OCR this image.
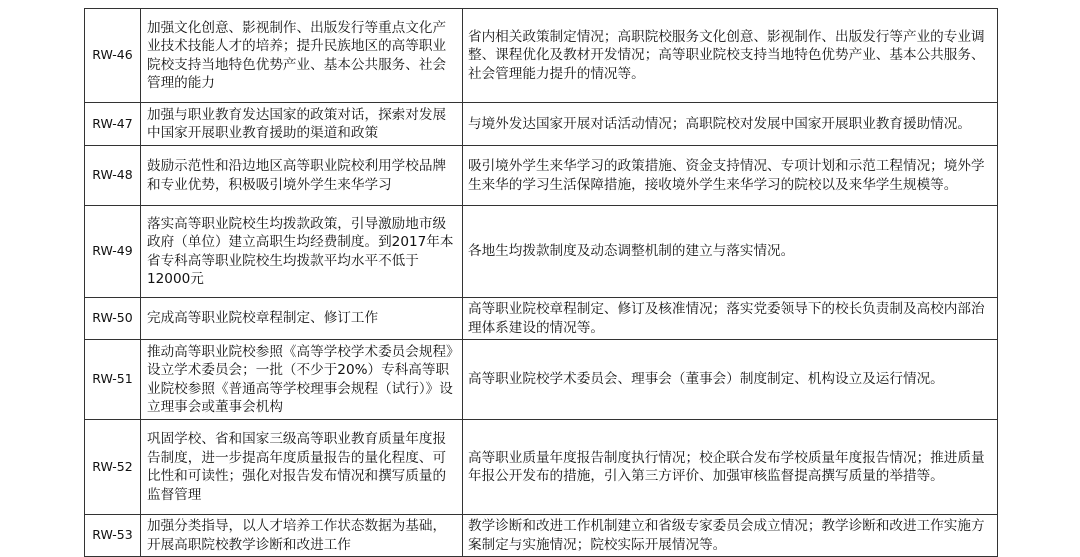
RW-46	加强文化创意、影视制作、出版发行等重点文化产业技术技能人才的培养；提升民族地区的高等职业院校支持当地特色优势产业、基本公共服务、社会管理的能力	省内相关政策制定情况；高职院校服务文化创意、影视制作、出版发行等产业的专业调整、课程优化及教材开发情况；高等职业院校支持当地特色优势产业、基本公共服务、社会管理能力提升的情况等。
RW-47	加强与职业教育发达国家的政策对话，探索对发展中国家开展职业教育援助的渠道和政策	与境外发达国家开展对话活动情况；高职院校对发展中国家开展职业教育援助情况。
RW-48	鼓励示范性和沿边地区高等职业院校利用学校品牌和专业优势，积极吸引境外学生来华学习	吸引境外学生来华学习的政策措施、资金支持情况、专项计划和示范工程情况；境外学生来华的学习生活保障措施，接收境外学生来华学习的院校以及来华学生规模等。
RW-49	落实高等职业院校生均拨款政策，引导激励地市级政府（单位）建立高职生均经费制度。到2017年本省专科高等职业院校生均拨款平均水平不低于12000元	各地生均拨款制度及动态调整机制的建立与落实情况。
RW-50	完成高等职业院校章程制定、修订工作	高等职业院校章程制定、修订及核准情况；落实党委领导下的校长负责制及高校内部治理体系建设的情况等。
RW-51	推动高等职业院校参照《高等学校学术委员会规程》设立学术委员会；一批（不少于20%）专科高等职业院校参照《普通高等学校理事会规程（试行）》设立理事会或董事会机构	高等职业院校学术委员会、理事会（董事会）制度制定、机构设立及运行情况。
RW-52	巩固学校、省和国家三级高等职业教育质量年度报告制度，进一步提高年度质量报告的量化程度、可比性和可读性；强化对报告发布情况和撰写质量的监督管理	高等职业质量年度报告制度执行情况；校企联合发布学校质量年度报告情况；推进质量年报公开发布的措施，引入第三方评价、加强审核监督提高撰写质量的举措等。
RW-53	加强分类指导，以人才培养工作状态数据为基础，开展高职院校教学诊断和改进工作	教学诊断和改进工作机制建立和省级专家委员会成立情况；教学诊断和改进工作实施方案制定与实施情况；院校实际开展情况等。
